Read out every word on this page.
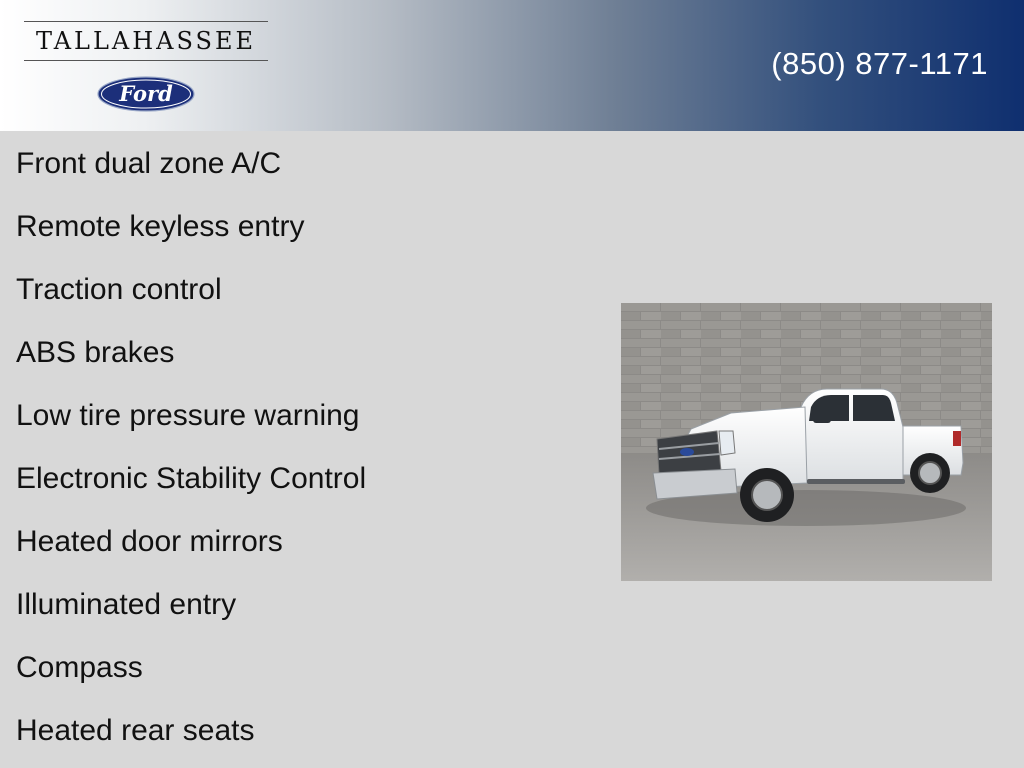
TALLAHASSEE
Ford
(850) 877-1171
Front dual zone A/C
Remote keyless entry
Traction control
ABS brakes
Low tire pressure warning
Electronic Stability Control
Heated door mirrors
Illuminated entry
Compass
Heated rear seats
